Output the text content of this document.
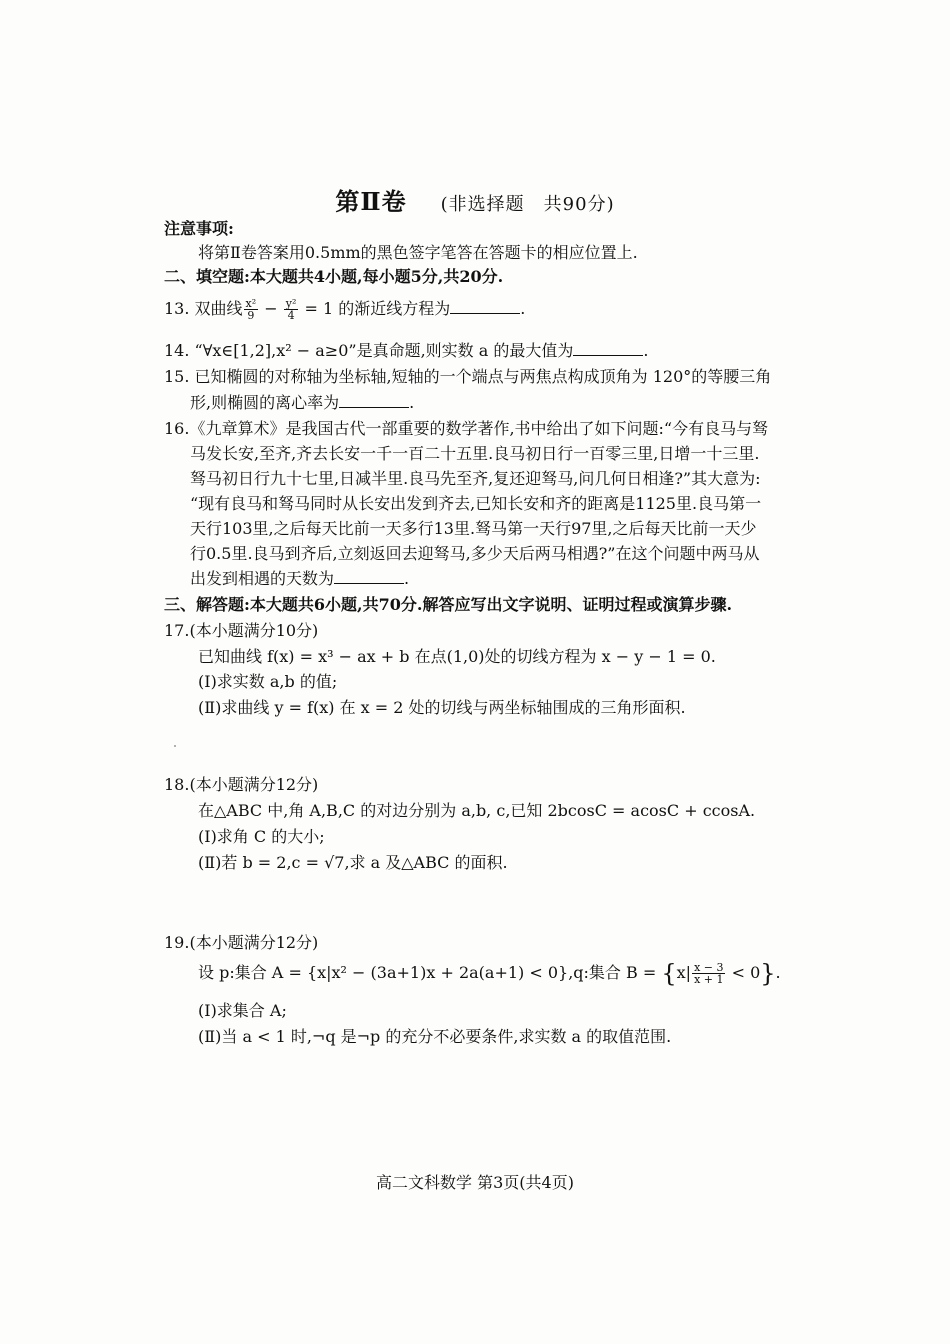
第Ⅱ卷 (非选择题　共90分)
注意事项:
将第Ⅱ卷答案用0.5mm的黑色签字笔答在答题卡的相应位置上.
二、填空题:本大题共4小题,每小题5分,共20分.
13. 双曲线 $\frac{\text{x²}}{9} - \frac{\text{y²}}{4} = 1$ 的渐近线方程为	.
14. “∀x∈[1,2],x² − a≥0”是真命题,则实数 a 的最大值为	.
15. 已知椭圆的对称轴为坐标轴,短轴的一个端点与两焦点构成顶角为 120°的等腰三角
形,则椭圆的离心率为	.
16.《九章算术》是我国古代一部重要的数学著作,书中给出了如下问题:“今有良马与驽
马发长安,至齐,齐去长安一千一百二十五里.良马初日行一百零三里,日增一十三里.
驽马初日行九十七里,日减半里.良马先至齐,复还迎驽马,问几何日相逢?”其大意为:
“现有良马和驽马同时从长安出发到齐去,已知长安和齐的距离是1125里.良马第一
天行103里,之后每天比前一天多行13里.驽马第一天行97里,之后每天比前一天少
行0.5里.良马到齐后,立刻返回去迎驽马,多少天后两马相遇?”在这个问题中两马从
出发到相遇的天数为	.
三、解答题:本大题共6小题,共70分.解答应写出文字说明、证明过程或演算步骤.
17.(本小题满分10分)
已知曲线 f(x) = x³ − ax + b 在点(1,0)处的切线方程为 x − y − 1 = 0.
(Ⅰ)求实数 a,b 的值;
(Ⅱ)求曲线 y = f(x) 在 x = 2 处的切线与两坐标轴围成的三角形面积.
18.(本小题满分12分)
在△ABC 中,角 A,B,C 的对边分别为 a,b, c,已知 2bcosC = acosC + ccosA.
(Ⅰ)求角 C 的大小;
(Ⅱ)若 b = 2,c = √7,求 a 及△ABC 的面积.
19.(本小题满分12分)
设 p:集合 A = {x|x² − (3a+1)x + 2a(a+1) < 0},q:集合 $B = \{x| \frac{x - 3}{x + 1} < 0\}$.
(Ⅰ)求集合 A;
(Ⅱ)当 a < 1 时,¬q 是¬p 的充分不必要条件,求实数 a 的取值范围.
高二文科数学 第3页(共4页)
